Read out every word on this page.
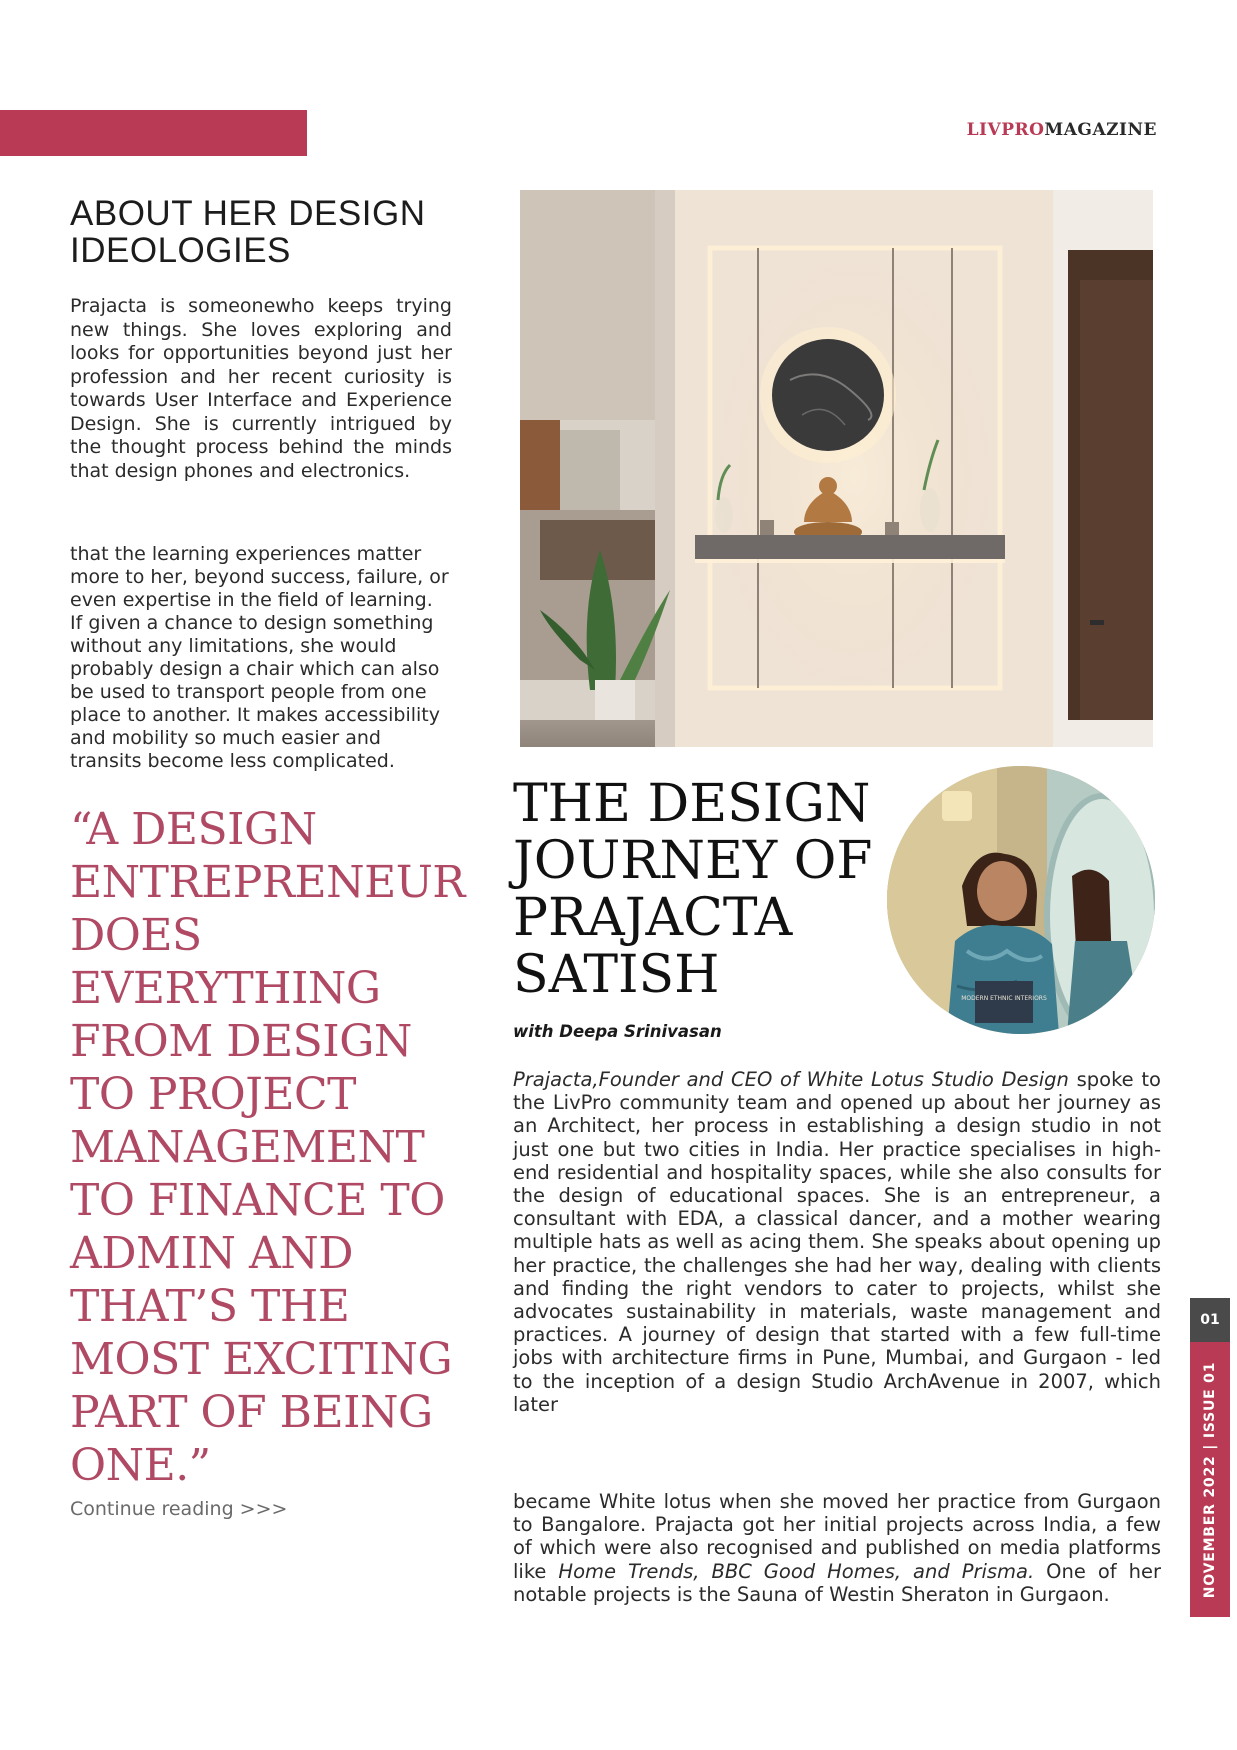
LIVPROMAGAZINE
ABOUT HER DESIGN IDEOLOGIES

Prajacta is someonewho keeps trying new things. She loves exploring and looks for opportunities beyond just her profession and her recent curiosity is towards User Interface and Experience Design. She is currently intrigued by the thought process behind the minds that design phones and electronics.

that the learning experiences matter more to her, beyond success, failure, or even expertise in the field of learning.

If given a chance to design something without any limitations, she would probably design a chair which can also be used to transport people from one place to another. It makes accessibility and mobility so much easier and transits become less complicated.

“A DESIGN ENTREPRENEUR DOES EVERYTHING FROM DESIGN TO PROJECT MANAGEMENT TO FINANCE TO ADMIN AND THAT’S THE MOST EXCITING PART OF BEING ONE.”
Continue reading >>>
THE DESIGN JOURNEY OF PRAJACTA SATISH	MODERN ETHNIC INTERIORS
with Deepa Srinivasan

Prajacta,Founder and CEO of White Lotus Studio Design spoke to the LivPro community team and opened up about her journey as an Architect, her process in establishing a design studio in not just one but two cities in India. Her practice specialises in high- end residential and hospitality spaces, while she also consults for the design of educational spaces. She is an entrepreneur, a consultant with EDA, a classical dancer, and a mother wearing multiple hats as well as acing them. She speaks about opening up her practice, the challenges she had her way, dealing with clients and finding the right vendors to cater to projects, whilst she advocates sustainability in materials, waste management and practices. A journey of design that started with a few full-time jobs with architecture firms in Pune, Mumbai, and Gurgaon - led to the inception of a design Studio ArchAvenue in 2007, which later

became White lotus when she moved her practice from Gurgaon to Bangalore. Prajacta got her initial projects across India, a few of which were also recognised and published on media platforms like Home Trends, BBC Good Homes, and Prisma. One of her notable projects is the Sauna of Westin Sheraton in Gurgaon.

01
NOVEMBER 2022 | ISSUE 01
